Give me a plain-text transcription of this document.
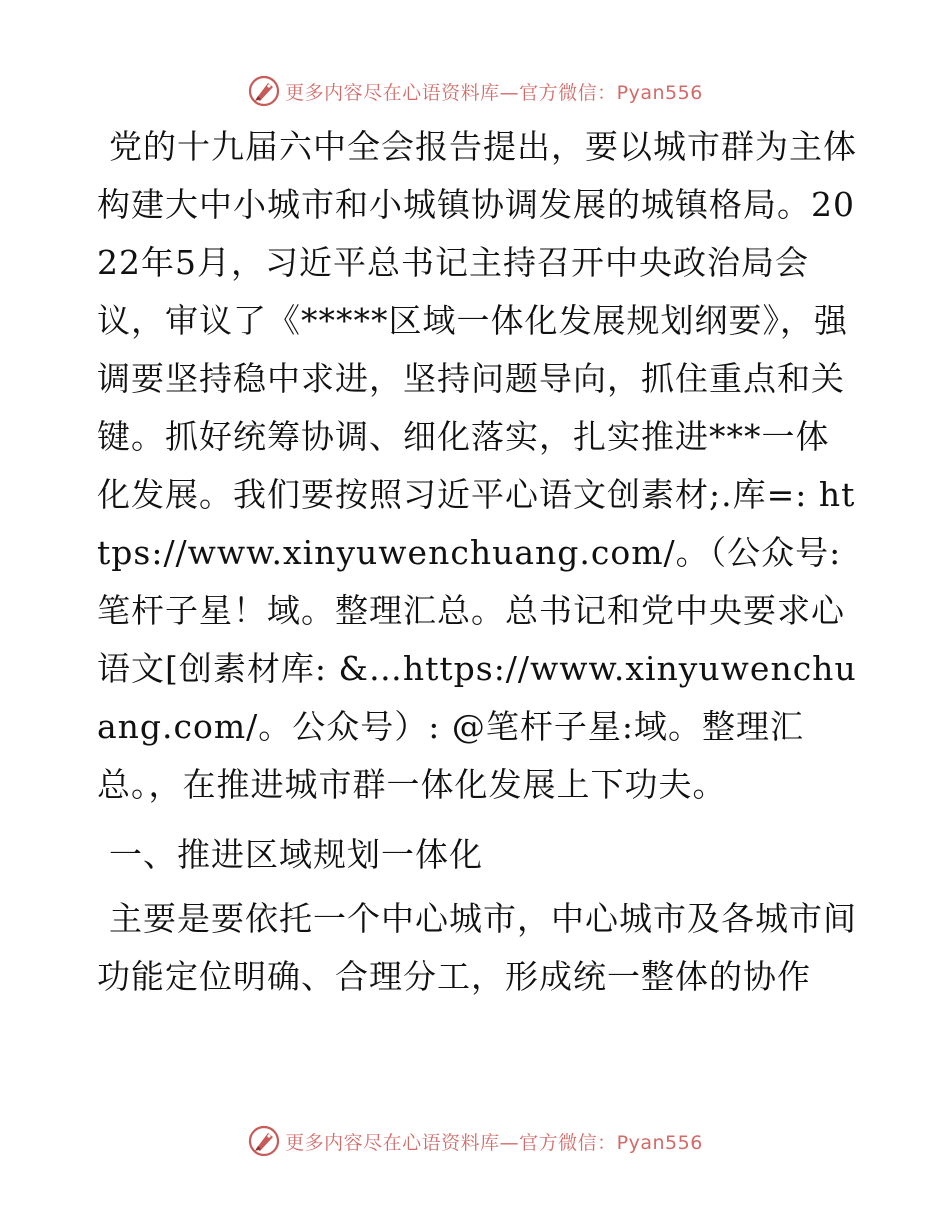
更多内容尽在心语资料库—官方微信：Pyan556

党的十九届六中全会报告提出，要以城市群为主体构建大中小城市和小城镇协调发展的城镇格局。2022年5月，习近平总书记主持召开中央政治局会议，审议了《*****区域一体化发展规划纲要》，强调要坚持稳中求进，坚持问题导向，抓住重点和关键。抓好统筹协调、细化落实，扎实推进***一体化发展。我们要按照习近平心语文创素材;.库=: https://www.xinyuwenchuang.com/。（公众号: 笔杆子星！域。整理汇总。总书记和党中央要求心语文[创素材库: &…https://www.xinyuwenchuang.com/。公众号）: @笔杆子星:域。整理汇总。，在推进城市群一体化发展上下功夫。

一、推进区域规划一体化

主要是要依托一个中心城市，中心城市及各城市间功能定位明确、合理分工，形成统一整体的协作

更多内容尽在心语资料库—官方微信：Pyan556
